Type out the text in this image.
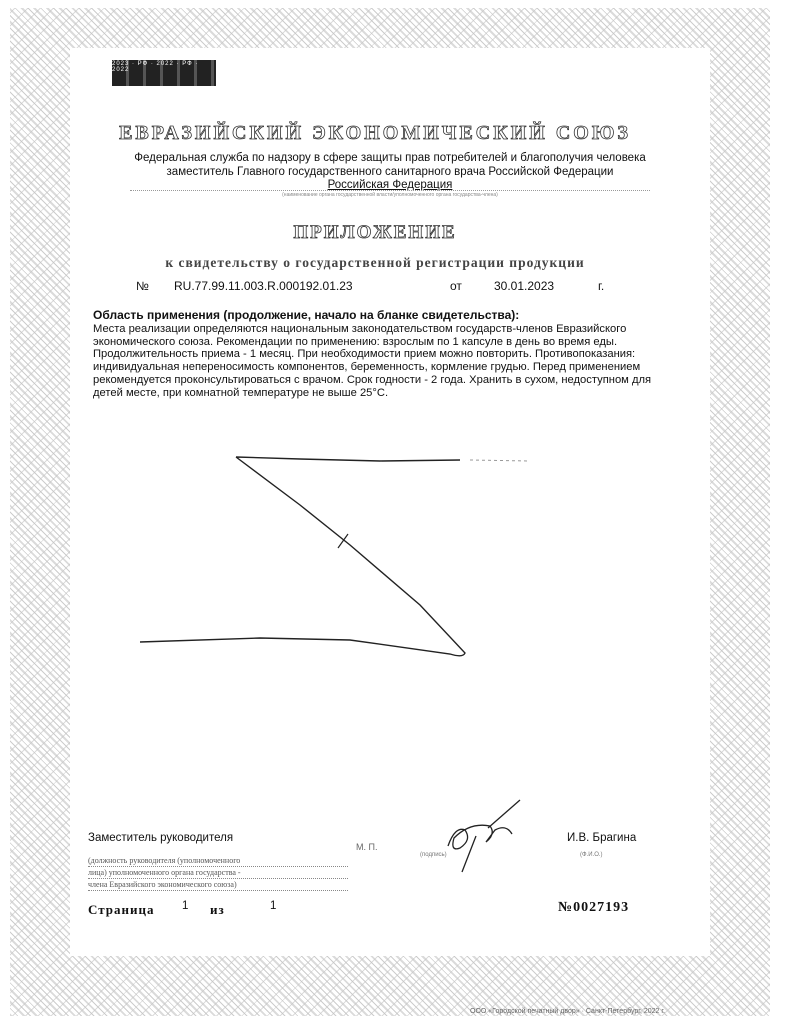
2023 · РФ · 2022 · РФ · 2022
ЕВРАЗИЙСКИЙ ЭКОНОМИЧЕСКИЙ СОЮЗ
Федеральная служба по надзору в сфере защиты прав потребителей и благополучия человека
заместитель Главного государственного санитарного врача Российской Федерации
Российская Федерация
(наименование органа государственной власти/уполномоченного органа государства-члена)
ПРИЛОЖЕНИЕ
к свидетельству о государственной регистрации продукции
№ RU.77.99.11.003.R.000192.01.23	от	30.01.2023	г.
Область применения (продолжение, начало на бланке свидетельства):
Места реализации определяются национальным законодательством государств-членов Евразийского экономического союза. Рекомендации по применению: взрослым по 1 капсуле в день во время еды. Продолжительность приема - 1 месяц. При необходимости прием можно повторить. Противопоказания: индивидуальная непереносимость компонентов, беременность, кормление грудью. Перед применением рекомендуется проконсультироваться с врачом. Срок годности - 2 года. Хранить в сухом, недоступном для детей месте, при комнатной температуре не выше 25°С.
Заместитель руководителя	И.В. Брагина
М. П.
(подпись)	(Ф.И.О.)
(должность руководителя (уполномоченного
лица) уполномоченного органа государства -
члена Евразийского экономического союза)
Страница 1 из	1	№0027193
ООО «Городской печатный двор» · Санкт-Петербург, 2022 г.
